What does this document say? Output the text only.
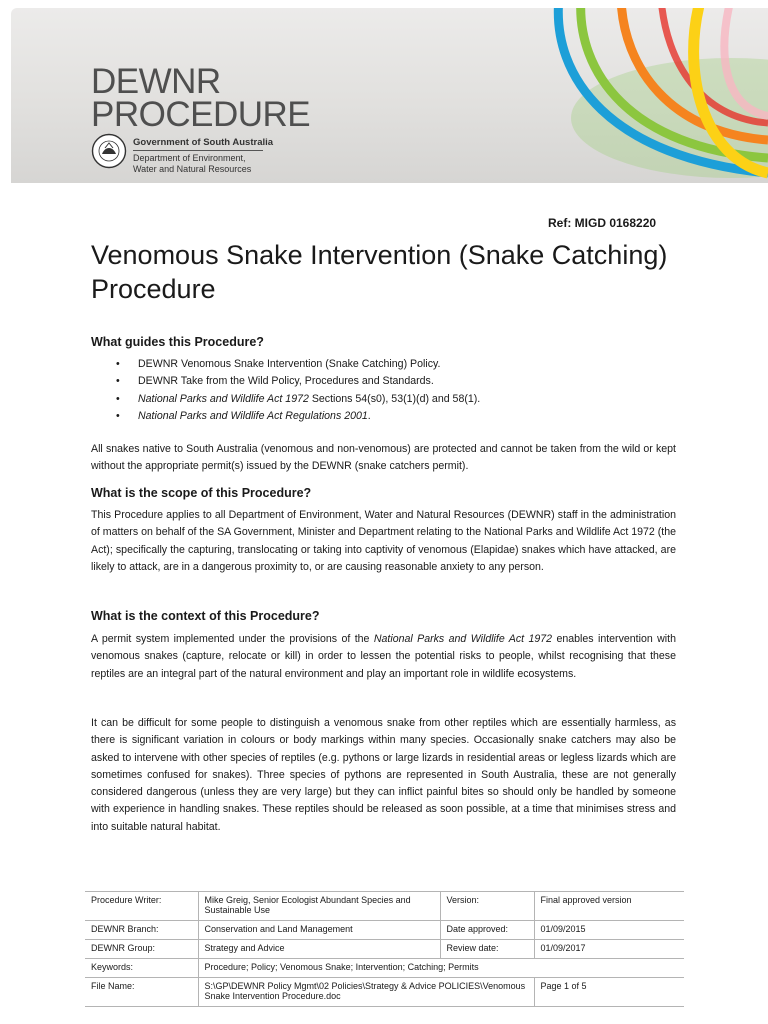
DEWNR
PROCEDURE
Government of South Australia
Department of Environment,
Water and Natural Resources
Ref: MIGD 0168220
Venomous Snake Intervention (Snake Catching) Procedure
What guides this Procedure?
• DEWNR Venomous Snake Intervention (Snake Catching) Policy.
• DEWNR Take from the Wild Policy, Procedures and Standards.
• National Parks and Wildlife Act 1972 Sections 54(s0), 53(1)(d) and 58(1).
• National Parks and Wildlife Act Regulations 2001.

All snakes native to South Australia (venomous and non-venomous) are protected and cannot be taken from the wild or kept without the appropriate permit(s) issued by the DEWNR (snake catchers permit).

What is the scope of this Procedure?

This Procedure applies to all Department of Environment, Water and Natural Resources (DEWNR) staff in the administration of matters on behalf of the SA Government, Minister and Department relating to the National Parks and Wildlife Act 1972 (the Act); specifically the capturing, translocating or taking into captivity of venomous (Elapidae) snakes which have attacked, are likely to attack, are in a dangerous proximity to, or are causing reasonable anxiety to any person.

What is the context of this Procedure?

A permit system implemented under the provisions of the National Parks and Wildlife Act 1972 enables intervention with venomous snakes (capture, relocate or kill) in order to lessen the potential risks to people, whilst recognising that these reptiles are an integral part of the natural environment and play an important role in wildlife ecosystems.

It can be difficult for some people to distinguish a venomous snake from other reptiles which are essentially harmless, as there is significant variation in colours or body markings within many species. Occasionally snake catchers may also be asked to intervene with other species of reptiles (e.g. pythons or large lizards in residential areas or legless lizards which are sometimes confused for snakes). Three species of pythons are represented in South Australia, these are not generally considered dangerous (unless they are very large) but they can inflict painful bites so should only be handled by someone with experience in handling snakes. These reptiles should be released as soon possible, at a time that minimises stress and into suitable natural habitat.

Procedure Writer:	Mike Greig, Senior Ecologist Abundant Species and Sustainable Use	Version:	Final approved version
DEWNR Branch:	Conservation and Land Management	Date approved:	01/09/2015
DEWNR Group:	Strategy and Advice	Review date:	01/09/2017
Keywords:	Procedure; Policy; Venomous Snake; Intervention; Catching; Permits		
File Name:	S:\GP\DEWNR Policy Mgmt\02 Policies\Strategy & Advice POLICIES\Venomous Snake Intervention Procedure.doc		Page 1 of 5
